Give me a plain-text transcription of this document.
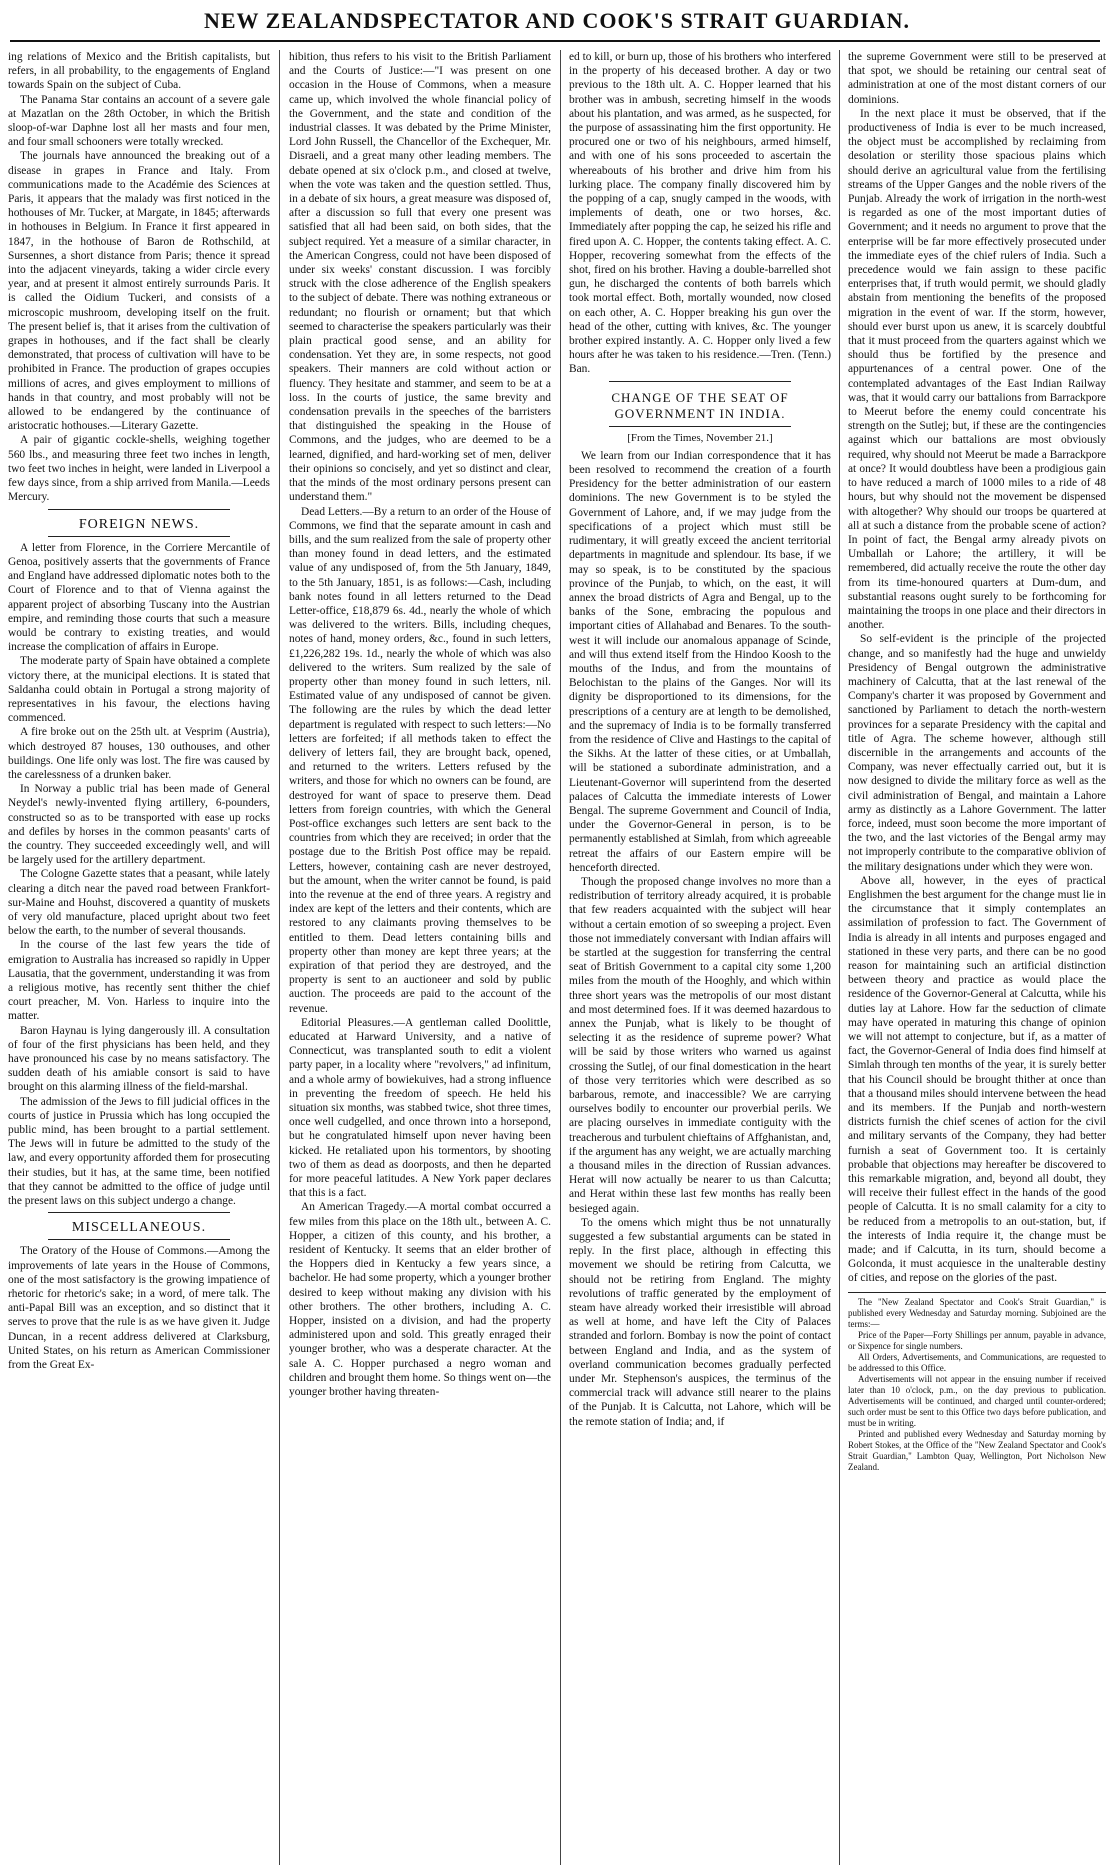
NEW ZEALANDSPECTATOR AND COOK'S STRAIT GUARDIAN.

ing relations of Mexico and the British capitalists, but refers, in all probability, to the engagements of England towards Spain on the subject of Cuba.

The Panama Star contains an account of a severe gale at Mazatlan on the 28th October, in which the British sloop-of-war Daphne lost all her masts and four men, and four small schooners were totally wrecked.

The journals have announced the breaking out of a disease in grapes in France and Italy. From communications made to the Académie des Sciences at Paris, it appears that the malady was first noticed in the hothouses of Mr. Tucker, at Margate, in 1845; afterwards in hothouses in Belgium. In France it first appeared in 1847, in the hothouse of Baron de Rothschild, at Sursennes, a short distance from Paris; thence it spread into the adjacent vineyards, taking a wider circle every year, and at present it almost entirely surrounds Paris. It is called the Oidium Tuckeri, and consists of a microscopic mushroom, developing itself on the fruit. The present belief is, that it arises from the cultivation of grapes in hothouses, and if the fact shall be clearly demonstrated, that process of cultivation will have to be prohibited in France. The production of grapes occupies millions of acres, and gives employment to millions of hands in that country, and most probably will not be allowed to be endangered by the continuance of aristocratic hothouses.—Literary Gazette.

A pair of gigantic cockle-shells, weighing together 560 lbs., and measuring three feet two inches in length, two feet two inches in height, were landed in Liverpool a few days since, from a ship arrived from Manila.—Leeds Mercury.

FOREIGN NEWS.

A letter from Florence, in the Corriere Mercantile of Genoa, positively asserts that the governments of France and England have addressed diplomatic notes both to the Court of Florence and to that of Vienna against the apparent project of absorbing Tuscany into the Austrian empire, and reminding those courts that such a measure would be contrary to existing treaties, and would increase the complication of affairs in Europe.

The moderate party of Spain have obtained a complete victory there, at the municipal elections. It is stated that Saldanha could obtain in Portugal a strong majority of representatives in his favour, the elections having commenced.

A fire broke out on the 25th ult. at Vesprim (Austria), which destroyed 87 houses, 130 outhouses, and other buildings. One life only was lost. The fire was caused by the carelessness of a drunken baker.

In Norway a public trial has been made of General Neydel's newly-invented flying artillery, 6-pounders, constructed so as to be transported with ease up rocks and defiles by horses in the common peasants' carts of the country. They succeeded exceedingly well, and will be largely used for the artillery department.

The Cologne Gazette states that a peasant, while lately clearing a ditch near the paved road between Frankfort-sur-Maine and Houhst, discovered a quantity of muskets of very old manufacture, placed upright about two feet below the earth, to the number of several thousands.

In the course of the last few years the tide of emigration to Australia has increased so rapidly in Upper Lausatia, that the government, understanding it was from a religious motive, has recently sent thither the chief court preacher, M. Von. Harless to inquire into the matter.

Baron Haynau is lying dangerously ill. A consultation of four of the first physicians has been held, and they have pronounced his case by no means satisfactory. The sudden death of his amiable consort is said to have brought on this alarming illness of the field-marshal.

The admission of the Jews to fill judicial offices in the courts of justice in Prussia which has long occupied the public mind, has been brought to a partial settlement. The Jews will in future be admitted to the study of the law, and every opportunity afforded them for prosecuting their studies, but it has, at the same time, been notified that they cannot be admitted to the office of judge until the present laws on this subject undergo a change.

MISCELLANEOUS.

The Oratory of the House of Commons.—Among the improvements of late years in the House of Commons, one of the most satisfactory is the growing impatience of rhetoric for rhetoric's sake; in a word, of mere talk. The anti-Papal Bill was an exception, and so distinct that it serves to prove that the rule is as we have given it. Judge Duncan, in a recent address delivered at Clarksburg, United States, on his return as American Commissioner from the Great Ex-

hibition, thus refers to his visit to the British Parliament and the Courts of Justice:—"I was present on one occasion in the House of Commons, when a measure came up, which involved the whole financial policy of the Government, and the state and condition of the industrial classes. It was debated by the Prime Minister, Lord John Russell, the Chancellor of the Exchequer, Mr. Disraeli, and a great many other leading members. The debate opened at six o'clock p.m., and closed at twelve, when the vote was taken and the question settled. Thus, in a debate of six hours, a great measure was disposed of, after a discussion so full that every one present was satisfied that all had been said, on both sides, that the subject required. Yet a measure of a similar character, in the American Congress, could not have been disposed of under six weeks' constant discussion. I was forcibly struck with the close adherence of the English speakers to the subject of debate. There was nothing extraneous or redundant; no flourish or ornament; but that which seemed to characterise the speakers particularly was their plain practical good sense, and an ability for condensation. Yet they are, in some respects, not good speakers. Their manners are cold without action or fluency. They hesitate and stammer, and seem to be at a loss. In the courts of justice, the same brevity and condensation prevails in the speeches of the barristers that distinguished the speaking in the House of Commons, and the judges, who are deemed to be a learned, dignified, and hard-working set of men, deliver their opinions so concisely, and yet so distinct and clear, that the minds of the most ordinary persons present can understand them."

Dead Letters.—By a return to an order of the House of Commons, we find that the separate amount in cash and bills, and the sum realized from the sale of property other than money found in dead letters, and the estimated value of any undisposed of, from the 5th January, 1849, to the 5th January, 1851, is as follows:—Cash, including bank notes found in all letters returned to the Dead Letter-office, £18,879 6s. 4d., nearly the whole of which was delivered to the writers. Bills, including cheques, notes of hand, money orders, &c., found in such letters, £1,226,282 19s. 1d., nearly the whole of which was also delivered to the writers. Sum realized by the sale of property other than money found in such letters, nil. Estimated value of any undisposed of cannot be given. The following are the rules by which the dead letter department is regulated with respect to such letters:—No letters are forfeited; if all methods taken to effect the delivery of letters fail, they are brought back, opened, and returned to the writers. Letters refused by the writers, and those for which no owners can be found, are destroyed for want of space to preserve them. Dead letters from foreign countries, with which the General Post-office exchanges such letters are sent back to the countries from which they are received; in order that the postage due to the British Post office may be repaid. Letters, however, containing cash are never destroyed, but the amount, when the writer cannot be found, is paid into the revenue at the end of three years. A registry and index are kept of the letters and their contents, which are restored to any claimants proving themselves to be entitled to them. Dead letters containing bills and property other than money are kept three years; at the expiration of that period they are destroyed, and the property is sent to an auctioneer and sold by public auction. The proceeds are paid to the account of the revenue.

Editorial Pleasures.—A gentleman called Doolittle, educated at Harward University, and a native of Connecticut, was transplanted south to edit a violent party paper, in a locality where "revolvers," ad infinitum, and a whole army of bowiekuives, had a strong influence in preventing the freedom of speech. He held his situation six months, was stabbed twice, shot three times, once well cudgelled, and once thrown into a horsepond, but he congratulated himself upon never having been kicked. He retaliated upon his tormentors, by shooting two of them as dead as doorposts, and then he departed for more peaceful latitudes. A New York paper declares that this is a fact.

An American Tragedy.—A mortal combat occurred a few miles from this place on the 18th ult., between A. C. Hopper, a citizen of this county, and his brother, a resident of Kentucky. It seems that an elder brother of the Hoppers died in Kentucky a few years since, a bachelor. He had some property, which a younger brother desired to keep without making any division with his other brothers. The other brothers, including A. C. Hopper, insisted on a division, and had the property administered upon and sold. This greatly enraged their younger brother, who was a desperate character. At the sale A. C. Hopper purchased a negro woman and children and brought them home. So things went on—the younger brother having threaten-

ed to kill, or burn up, those of his brothers who interfered in the property of his deceased brother. A day or two previous to the 18th ult. A. C. Hopper learned that his brother was in ambush, secreting himself in the woods about his plantation, and was armed, as he suspected, for the purpose of assassinating him the first opportunity. He procured one or two of his neighbours, armed himself, and with one of his sons proceeded to ascertain the whereabouts of his brother and drive him from his lurking place. The company finally discovered him by the popping of a cap, snugly camped in the woods, with implements of death, one or two horses, &c. Immediately after popping the cap, he seized his rifle and fired upon A. C. Hopper, the contents taking effect. A. C. Hopper, recovering somewhat from the effects of the shot, fired on his brother. Having a double-barrelled shot gun, he discharged the contents of both barrels which took mortal effect. Both, mortally wounded, now closed on each other, A. C. Hopper breaking his gun over the head of the other, cutting with knives, &c. The younger brother expired instantly. A. C. Hopper only lived a few hours after he was taken to his residence.—Tren. (Tenn.) Ban.

CHANGE OF THE SEAT OF GOVERNMENT IN INDIA.
[From the Times, November 21.]

We learn from our Indian correspondence that it has been resolved to recommend the creation of a fourth Presidency for the better administration of our eastern dominions. The new Government is to be styled the Government of Lahore, and, if we may judge from the specifications of a project which must still be rudimentary, it will greatly exceed the ancient territorial departments in magnitude and splendour. Its base, if we may so speak, is to be constituted by the spacious province of the Punjab, to which, on the east, it will annex the broad districts of Agra and Bengal, up to the banks of the Sone, embracing the populous and important cities of Allahabad and Benares. To the south-west it will include our anomalous appanage of Scinde, and will thus extend itself from the Hindoo Koosh to the mouths of the Indus, and from the mountains of Belochistan to the plains of the Ganges. Nor will its dignity be disproportioned to its dimensions, for the prescriptions of a century are at length to be demolished, and the supremacy of India is to be formally transferred from the residence of Clive and Hastings to the capital of the Sikhs. At the latter of these cities, or at Umballah, will be stationed a subordinate administration, and a Lieutenant-Governor will superintend from the deserted palaces of Calcutta the immediate interests of Lower Bengal. The supreme Government and Council of India, under the Governor-General in person, is to be permanently established at Simlah, from which agreeable retreat the affairs of our Eastern empire will be henceforth directed.

Though the proposed change involves no more than a redistribution of territory already acquired, it is probable that few readers acquainted with the subject will hear without a certain emotion of so sweeping a project. Even those not immediately conversant with Indian affairs will be startled at the suggestion for transferring the central seat of British Government to a capital city some 1,200 miles from the mouth of the Hooghly, and which within three short years was the metropolis of our most distant and most determined foes. If it was deemed hazardous to annex the Punjab, what is likely to be thought of selecting it as the residence of supreme power? What will be said by those writers who warned us against crossing the Sutlej, of our final domestication in the heart of those very territories which were described as so barbarous, remote, and inaccessible? We are carrying ourselves bodily to encounter our proverbial perils. We are placing ourselves in immediate contiguity with the treacherous and turbulent chieftains of Affghanistan, and, if the argument has any weight, we are actually marching a thousand miles in the direction of Russian advances. Herat will now actually be nearer to us than Calcutta; and Herat within these last few months has really been besieged again.

To the omens which might thus be not unnaturally suggested a few substantial arguments can be stated in reply. In the first place, although in effecting this movement we should be retiring from Calcutta, we should not be retiring from England. The mighty revolutions of traffic generated by the employment of steam have already worked their irresistible will abroad as well at home, and have left the City of Palaces stranded and forlorn. Bombay is now the point of contact between England and India, and as the system of overland communication becomes gradually perfected under Mr. Stephenson's auspices, the terminus of the commercial track will advance still nearer to the plains of the Punjab. It is Calcutta, not Lahore, which will be the remote station of India; and, if

the supreme Government were still to be preserved at that spot, we should be retaining our central seat of administration at one of the most distant corners of our dominions.

In the next place it must be observed, that if the productiveness of India is ever to be much increased, the object must be accomplished by reclaiming from desolation or sterility those spacious plains which should derive an agricultural value from the fertilising streams of the Upper Ganges and the noble rivers of the Punjab. Already the work of irrigation in the north-west is regarded as one of the most important duties of Government; and it needs no argument to prove that the enterprise will be far more effectively prosecuted under the immediate eyes of the chief rulers of India. Such a precedence would we fain assign to these pacific enterprises that, if truth would permit, we should gladly abstain from mentioning the benefits of the proposed migration in the event of war. If the storm, however, should ever burst upon us anew, it is scarcely doubtful that it must proceed from the quarters against which we should thus be fortified by the presence and appurtenances of a central power. One of the contemplated advantages of the East Indian Railway was, that it would carry our battalions from Barrackpore to Meerut before the enemy could concentrate his strength on the Sutlej; but, if these are the contingencies against which our battalions are most obviously required, why should not Meerut be made a Barrackpore at once? It would doubtless have been a prodigious gain to have reduced a march of 1000 miles to a ride of 48 hours, but why should not the movement be dispensed with altogether? Why should our troops be quartered at all at such a distance from the probable scene of action? In point of fact, the Bengal army already pivots on Umballah or Lahore; the artillery, it will be remembered, did actually receive the route the other day from its time-honoured quarters at Dum-dum, and substantial reasons ought surely to be forthcoming for maintaining the troops in one place and their directors in another.

So self-evident is the principle of the projected change, and so manifestly had the huge and unwieldy Presidency of Bengal outgrown the administrative machinery of Calcutta, that at the last renewal of the Company's charter it was proposed by Government and sanctioned by Parliament to detach the north-western provinces for a separate Presidency with the capital and title of Agra. The scheme however, although still discernible in the arrangements and accounts of the Company, was never effectually carried out, but it is now designed to divide the military force as well as the civil administration of Bengal, and maintain a Lahore army as distinctly as a Lahore Government. The latter force, indeed, must soon become the more important of the two, and the last victories of the Bengal army may not improperly contribute to the comparative oblivion of the military designations under which they were won.

Above all, however, in the eyes of practical Englishmen the best argument for the change must lie in the circumstance that it simply contemplates an assimilation of profession to fact. The Government of India is already in all intents and purposes engaged and stationed in these very parts, and there can be no good reason for maintaining such an artificial distinction between theory and practice as would place the residence of the Governor-General at Calcutta, while his duties lay at Lahore. How far the seduction of climate may have operated in maturing this change of opinion we will not attempt to conjecture, but if, as a matter of fact, the Governor-General of India does find himself at Simlah through ten months of the year, it is surely better that his Council should be brought thither at once than that a thousand miles should intervene between the head and its members. If the Punjab and north-western districts furnish the chief scenes of action for the civil and military servants of the Company, they had better furnish a seat of Government too. It is certainly probable that objections may hereafter be discovered to this remarkable migration, and, beyond all doubt, they will receive their fullest effect in the hands of the good people of Calcutta. It is no small calamity for a city to be reduced from a metropolis to an out-station, but, if the interests of India require it, the change must be made; and if Calcutta, in its turn, should become a Golconda, it must acquiesce in the unalterable destiny of cities, and repose on the glories of the past.

The "New Zealand Spectator and Cook's Strait Guardian," is published every Wednesday and Saturday morning. Subjoined are the terms:—

Price of the Paper—Forty Shillings per annum, payable in advance, or Sixpence for single numbers.

All Orders, Advertisements, and Communications, are requested to be addressed to this Office.

Advertisements will not appear in the ensuing number if received later than 10 o'clock, p.m., on the day previous to publication. Advertisements will be continued, and charged until counter-ordered; such order must be sent to this Office two days before publication, and must be in writing.

Printed and published every Wednesday and Saturday morning by Robert Stokes, at the Office of the "New Zealand Spectator and Cook's Strait Guardian," Lambton Quay, Wellington, Port Nicholson New Zealand.
